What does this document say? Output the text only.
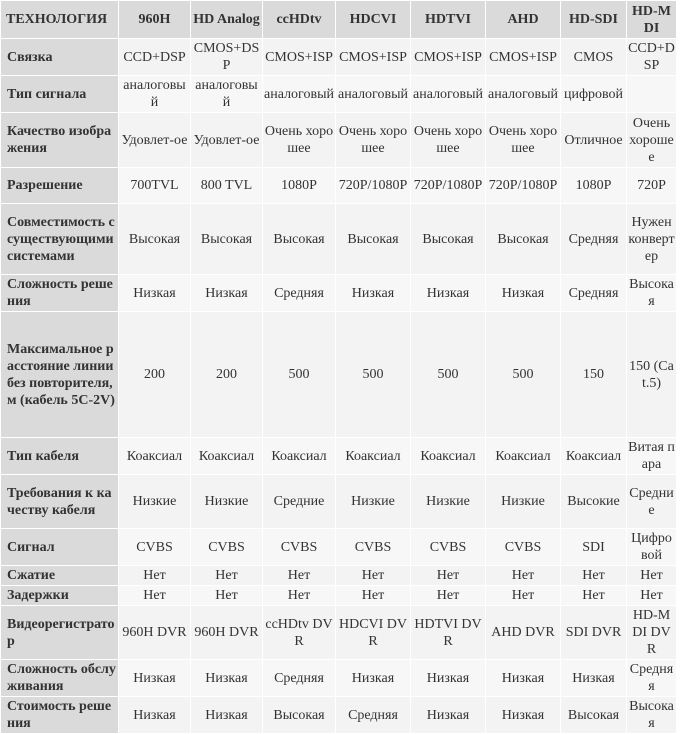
ТЕХНОЛОГИЯ	960H	HD Analog	ccHDtv	HDCVI	HDTVI	AHD	HD-SDI	HD-MDI
Связка	CCD+DSP	CMOS+DSP	CMOS+ISP	CMOS+ISP	CMOS+ISP	CMOS+ISP	CMOS	CCD+DSP
Тип сигнала	аналоговый	аналоговый	аналоговый	аналоговый	аналоговый	аналоговый	цифровой	
Качество изображения	Удовлет-ое	Удовлет-ое	Очень хорошее	Очень хорошее	Очень хорошее	Очень хорошее	Отличное	Очень хорошее
Разрешение	700TVL	800 TVL	1080P	720P/1080P	720P/1080P	720P/1080P	1080P	720P
Совместимость с существующими системами	Высокая	Высокая	Высокая	Высокая	Высокая	Высокая	Средняя	Нужен конвертер
Сложность решения	Низкая	Низкая	Средняя	Низкая	Низкая	Низкая	Средняя	Высокая
Максимальное расстояние линии без повторителя, м (кабель 5C-2V)	200	200	500	500	500	500	150	150 (Cat.5)
Тип кабеля	Коаксиал	Коаксиал	Коаксиал	Коаксиал	Коаксиал	Коаксиал	Коаксиал	Витая пара
Требования к качеству кабеля	Низкие	Низкие	Средние	Низкие	Низкие	Низкие	Высокие	Средние
Сигнал	CVBS	CVBS	CVBS	CVBS	CVBS	CVBS	SDI	Цифровой
Сжатие	Нет	Нет	Нет	Нет	Нет	Нет	Нет	Нет
Задержки	Нет	Нет	Нет	Нет	Нет	Нет	Нет	Нет
Видеорегистратор	960H DVR	960H DVR	ccHDtv DVR	HDCVI DVR	HDTVI DVR	AHD DVR	SDI DVR	HD-MDI DVR
Сложность обслуживания	Низкая	Низкая	Средняя	Низкая	Низкая	Низкая	Низкая	Средняя
Стоимость решения	Низкая	Низкая	Высокая	Средняя	Низкая	Низкая	Высокая	Высокая
